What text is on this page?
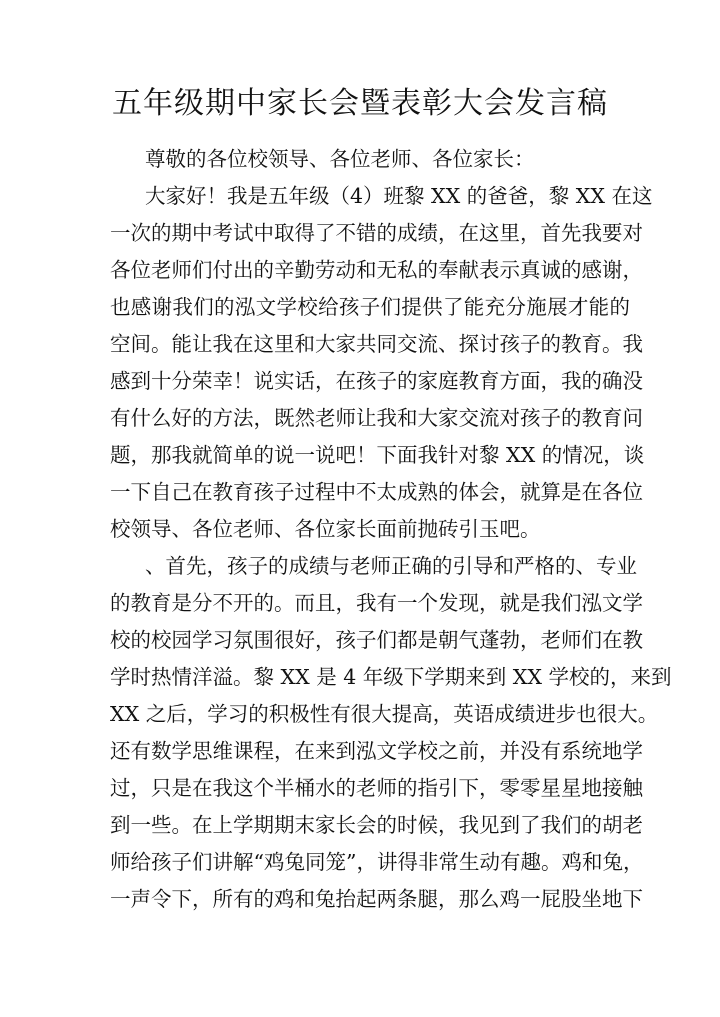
五年级期中家长会暨表彰大会发言稿
尊敬的各位校领导、各位老师、各位家长：
大家好！我是五年级（4）班黎 XX 的爸爸，黎 XX 在这
一次的期中考试中取得了不错的成绩，在这里，首先我要对
各位老师们付出的辛勤劳动和无私的奉献表示真诚的感谢，
也感谢我们的泓文学校给孩子们提供了能充分施展才能的
空间。能让我在这里和大家共同交流、探讨孩子的教育。我
感到十分荣幸！说实话，在孩子的家庭教育方面，我的确没
有什么好的方法，既然老师让我和大家交流对孩子的教育问
题，那我就简单的说一说吧！下面我针对黎 XX 的情况，谈
一下自己在教育孩子过程中不太成熟的体会，就算是在各位
校领导、各位老师、各位家长面前抛砖引玉吧。
、首先，孩子的成绩与老师正确的引导和严格的、专业
的教育是分不开的。而且，我有一个发现，就是我们泓文学
校的校园学习氛围很好，孩子们都是朝气蓬勃，老师们在教
学时热情洋溢。黎 XX 是 4 年级下学期来到 XX 学校的，来到
XX 之后，学习的积极性有很大提高，英语成绩进步也很大。
还有数学思维课程，在来到泓文学校之前，并没有系统地学
过，只是在我这个半桶水的老师的指引下，零零星星地接触
到一些。在上学期期末家长会的时候，我见到了我们的胡老
师给孩子们讲解“鸡兔同笼”，讲得非常生动有趣。鸡和兔，
一声令下，所有的鸡和兔抬起两条腿，那么鸡一屁股坐地下
